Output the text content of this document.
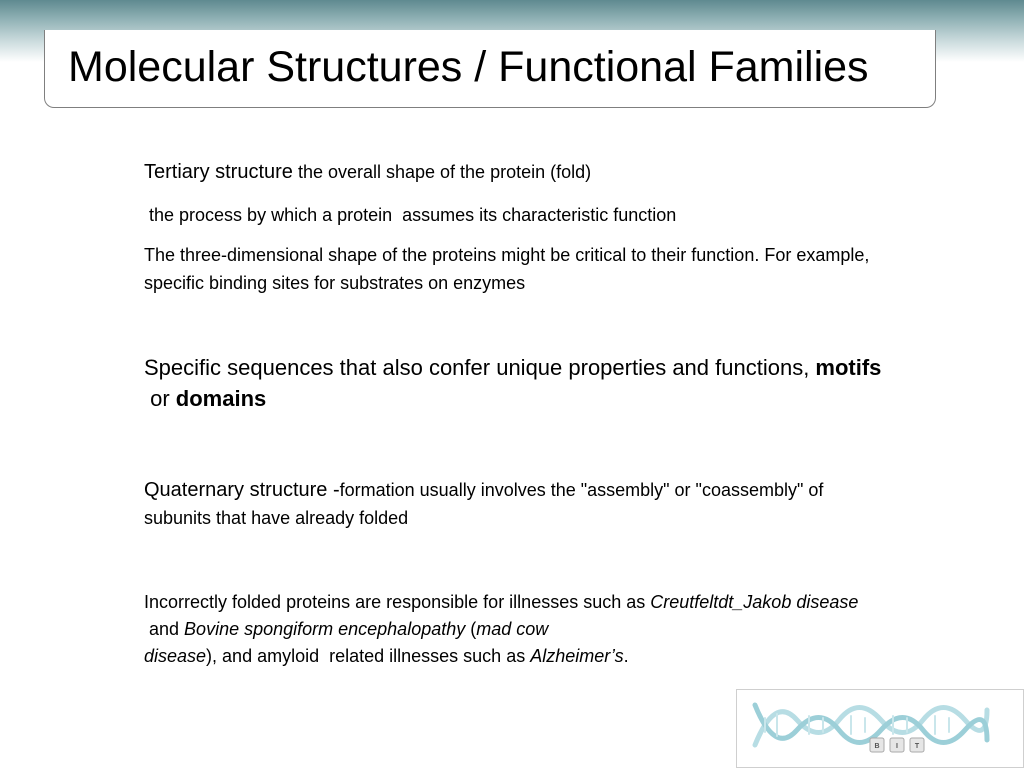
Molecular Structures / Functional Families
Tertiary structure the overall shape of the protein (fold)
the process by which a protein  assumes its characteristic function
The three-dimensional shape of the proteins might be critical to their function. For example, specific binding sites for substrates on enzymes
Specific sequences that also confer unique properties and functions, motifs or domains
Quaternary structure -formation usually involves the "assembly" or "coassembly" of subunits that have already folded
Incorrectly folded proteins are responsible for illnesses such as Creutfeltdt_Jakob disease and Bovine spongiform encephalopathy (mad cow disease), and amyloid  related illnesses such as Alzheimer’s.
B I T
